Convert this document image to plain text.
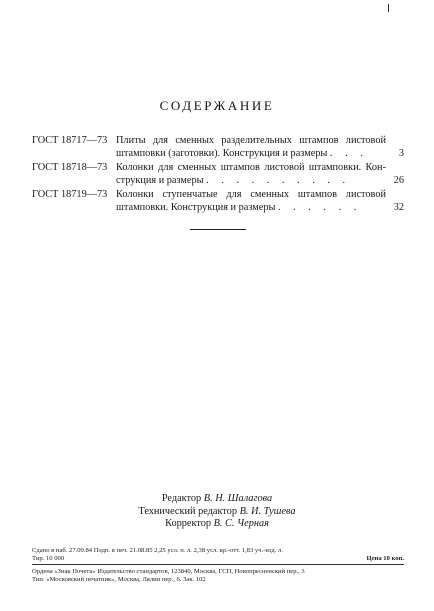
СОДЕРЖАНИЕ
ГОСТ 18717—73 Плиты для сменных разделительных штампов листовой
штамповки (заготовки). Конструкция и размеры . . .	3
ГОСТ 18718—73 Колонки для сменных штампов листовой штамповки. Кон-
струкция и размеры . . . . . . . . . .	26
ГОСТ 18719—73 Колонки ступенчатые для сменных штампов листовой
штамповки. Конструкция и размеры . . . . . .	32
Редактор В. Н. Шалагова
Технический редактор В. И. Тушева
Корректор В. С. Черная
Сдано в наб. 27.09.84 Подп. в печ. 21.08.85 2,25 усл. п. л. 2,38 усл. кр.-отт. 1,83 уч.-изд. л.
Тир. 10 000	Цена 10 коп.
Ордена «Знак Почета» Издательство стандартов, 123840, Москва, ГСП, Новопресненский пер., 3
Тип. «Московский печатник», Москва, Лялин пер., 6. Зак. 102
